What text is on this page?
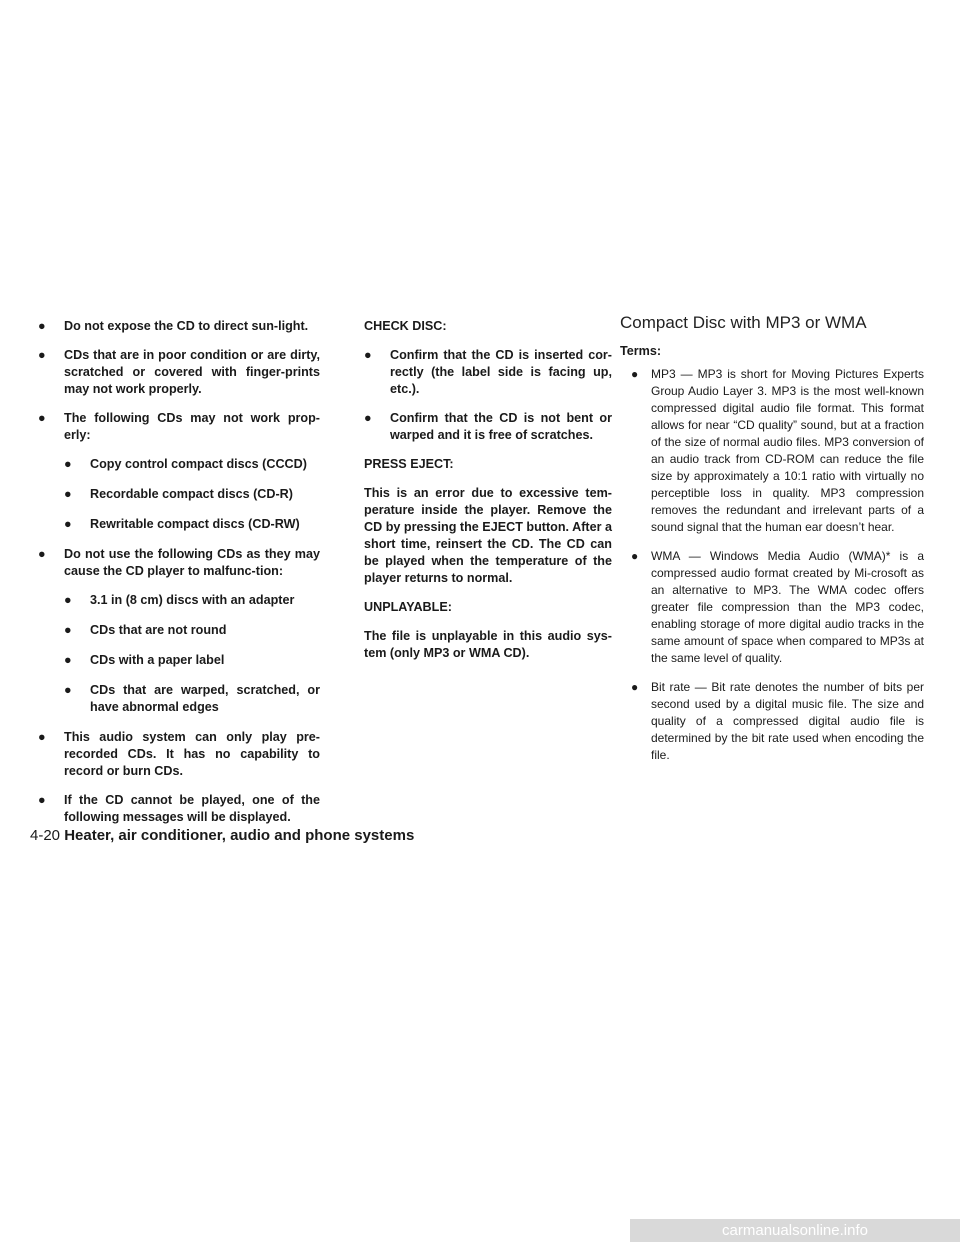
● Do not expose the CD to direct sun-light.
● CDs that are in poor condition or are dirty, scratched or covered with finger-prints may not work properly.
● The following CDs may not work prop-erly:
●	Copy control compact discs (CCCD)
●	Recordable compact discs (CD-R)
●	Rewritable compact discs (CD-RW)
● Do not use the following CDs as they may cause the CD player to malfunc-tion:
●	3.1 in (8 cm) discs with an adapter
●	CDs that are not round
●	CDs with a paper label
●	CDs that are warped, scratched, or have abnormal edges
● This audio system can only play pre-recorded CDs. It has no capability to record or burn CDs.
● If the CD cannot be played, one of the following messages will be displayed.
CHECK DISC:
● Confirm that the CD is inserted cor-rectly (the label side is facing up, etc.).
● Confirm that the CD is not bent or warped and it is free of scratches.
PRESS EJECT:
This is an error due to excessive tem-perature inside the player. Remove the CD by pressing the EJECT button. After a short time, reinsert the CD. The CD can be played when the temperature of the player returns to normal.
UNPLAYABLE:
The file is unplayable in this audio sys-tem (only MP3 or WMA CD).
Compact Disc with MP3 or WMA
Terms:
● MP3 — MP3 is short for Moving Pictures Experts Group Audio Layer 3. MP3 is the most well-known compressed digital audio file format. This format allows for near “CD quality” sound, but at a fraction of the size of normal audio files. MP3 conversion of an audio track from CD-ROM can reduce the file size by approximately a 10:1 ratio with virtually no perceptible loss in quality. MP3 compression removes the redundant and irrelevant parts of a sound signal that the human ear doesn’t hear.
● WMA — Windows Media Audio (WMA)* is a compressed audio format created by Mi-crosoft as an alternative to MP3. The WMA codec offers greater file compression than the MP3 codec, enabling storage of more digital audio tracks in the same amount of space when compared to MP3s at the same level of quality.
● Bit rate — Bit rate denotes the number of bits per second used by a digital music file. The size and quality of a compressed digital audio file is determined by the bit rate used when encoding the file.
4-20 Heater, air conditioner, audio and phone systems
carmanualsonline.info
